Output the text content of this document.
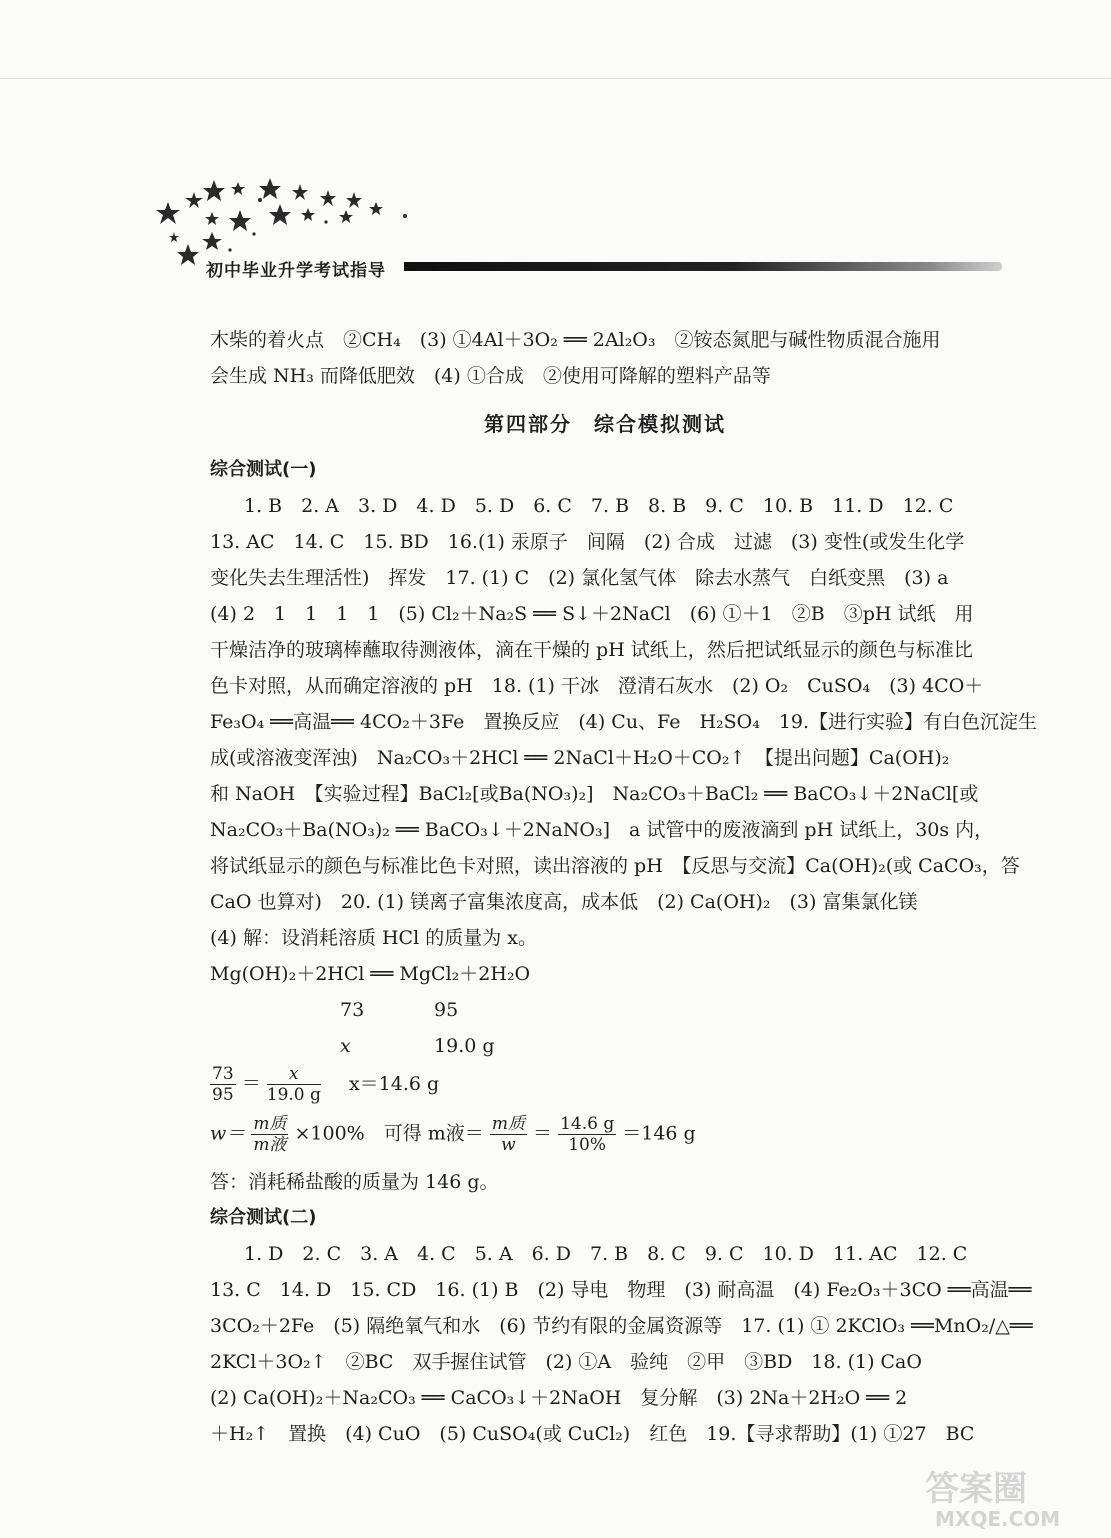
初中毕业升学考试指导
木柴的着火点　②CH₄　(3) ①4Al＋3O₂ ══ 2Al₂O₃　②铵态氮肥与碱性物质混合施用
会生成 NH₃ 而降低肥效　(4) ①合成　②使用可降解的塑料产品等
第四部分　综合模拟测试
综合测试(一)
1. B　2. A　3. D　4. D　5. D　6. C　7. B　8. B　9. C　10. B　11. D　12. C
13. AC　14. C　15. BD　16.(1) 汞原子　间隔　(2) 合成　过滤　(3) 变性(或发生化学
变化失去生理活性)　挥发　17. (1) C　(2) 氯化氢气体　除去水蒸气　白纸变黑　(3) a
(4) 2　1　1　1　1　(5) Cl₂＋Na₂S ══ S↓＋2NaCl　(6) ①＋1　②B　③pH 试纸　用
干燥洁净的玻璃棒蘸取待测液体，滴在干燥的 pH 试纸上，然后把试纸显示的颜色与标准比
色卡对照，从而确定溶液的 pH　18. (1) 干冰　澄清石灰水　(2) O₂　CuSO₄　(3) 4CO＋
Fe₃O₄ ══高温══ 4CO₂＋3Fe　置换反应　(4) Cu、Fe　H₂SO₄　19.【进行实验】有白色沉淀生
成(或溶液变浑浊)　Na₂CO₃＋2HCl ══ 2NaCl＋H₂O＋CO₂↑　【提出问题】Ca(OH)₂
和 NaOH　【实验过程】BaCl₂[或Ba(NO₃)₂]　Na₂CO₃＋BaCl₂ ══ BaCO₃↓＋2NaCl[或
Na₂CO₃＋Ba(NO₃)₂ ══ BaCO₃↓＋2NaNO₃]　a 试管中的废液滴到 pH 试纸上，30s 内，
将试纸显示的颜色与标准比色卡对照，读出溶液的 pH　【反思与交流】Ca(OH)₂(或 CaCO₃，答
CaO 也算对)　20. (1) 镁离子富集浓度高，成本低　(2) Ca(OH)₂　(3) 富集氯化镁
(4) 解：设消耗溶质 HCl 的质量为 x。
Mg(OH)₂＋2HCl ══ MgCl₂＋2H₂O
73	95
x	19.0 g
$\frac{73}{95} = \frac{x}{19.0 g} x=14.6$ g
$w= \frac{\text{m质}}{\text{m液}} \times 100\%$　可得 m液＝ $\frac{\text{m质}}{w} = \frac{14.6 g}{10\%} =146$ g
答：消耗稀盐酸的质量为 146 g。
综合测试(二)
1. D　2. C　3. A　4. C　5. A　6. D　7. B　8. C　9. C　10. D　11. AC　12. C
13. C　14. D　15. CD　16. (1) B　(2) 导电　物理　(3) 耐高温　(4) Fe₂O₃＋3CO ══高温══
3CO₂＋2Fe　(5) 隔绝氧气和水　(6) 节约有限的金属资源等　17. (1) ① 2KClO₃ ══MnO₂/△══
2KCl＋3O₂↑　②BC　双手握住试管　(2) ①A　验纯　②甲　③BD　18. (1) CaO
(2) Ca(OH)₂＋Na₂CO₃ ══ CaCO₃↓＋2NaOH　复分解　(3) 2Na＋2H₂O ══ 2
＋H₂↑　置换　(4) CuO　(5) CuSO₄(或 CuCl₂)　红色　19.【寻求帮助】(1) ①27　BC
答案圈
MXQE.COM
